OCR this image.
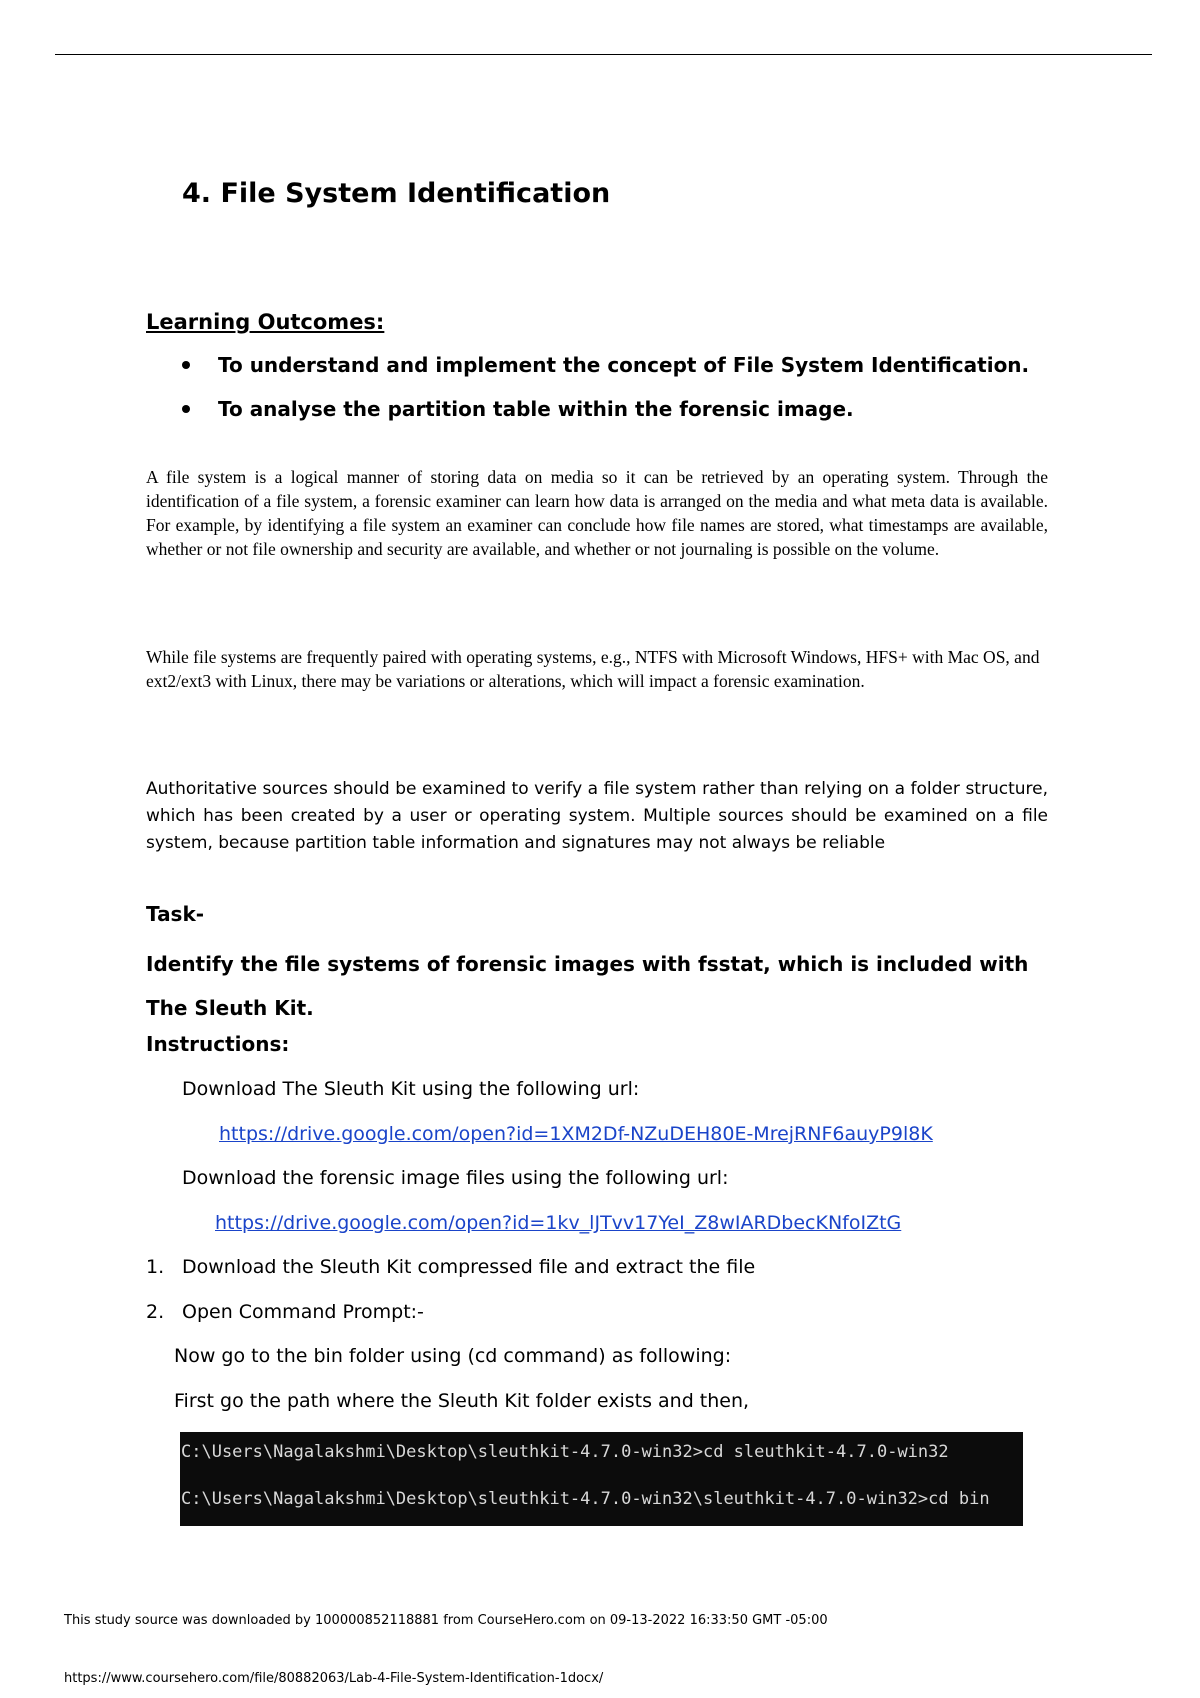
4. File System Identification
Learning Outcomes:
To understand and implement the concept of File System Identification.
To analyse the partition table within the forensic image.

A file system is a logical manner of storing data on media so it can be retrieved by an operating system. Through the identification of a file system, a forensic examiner can learn how data is arranged on the media and what meta data is available. For example, by identifying a file system an examiner can conclude how file names are stored, what timestamps are available, whether or not file ownership and security are available, and whether or not journaling is possible on the volume.

While file systems are frequently paired with operating systems, e.g., NTFS with Microsoft Windows, HFS+ with Mac OS, and ext2/ext3 with Linux, there may be variations or alterations, which will impact a forensic examination.

Authoritative sources should be examined to verify a file system rather than relying on a folder structure, which has been created by a user or operating system. Multiple sources should be examined on a file system, because partition table information and signatures may not always be reliable

Task-
Identify the file systems of forensic images with fsstat, which is included with The Sleuth Kit.
Instructions:
Download The Sleuth Kit using the following url:
https://drive.google.com/open?id=1XM2Df-NZuDEH80E-MrejRNF6auyP9l8K
Download the forensic image files using the following url:
https://drive.google.com/open?id=1kv_lJTvv17YeI_Z8wIARDbecKNfoIZtG
1. Download the Sleuth Kit compressed file and extract the file
2. Open Command Prompt:-
Now go to the bin folder using (cd command) as following:
First go the path where the Sleuth Kit folder exists and then,
C:\Users\Nagalakshmi\Desktop\sleuthkit-4.7.0-win32>cd sleuthkit-4.7.0-win32
C:\Users\Nagalakshmi\Desktop\sleuthkit-4.7.0-win32\sleuthkit-4.7.0-win32>cd bin
This study source was downloaded by 100000852118881 from CourseHero.com on 09-13-2022 16:33:50 GMT -05:00
https://www.coursehero.com/file/80882063/Lab-4-File-System-Identification-1docx/
